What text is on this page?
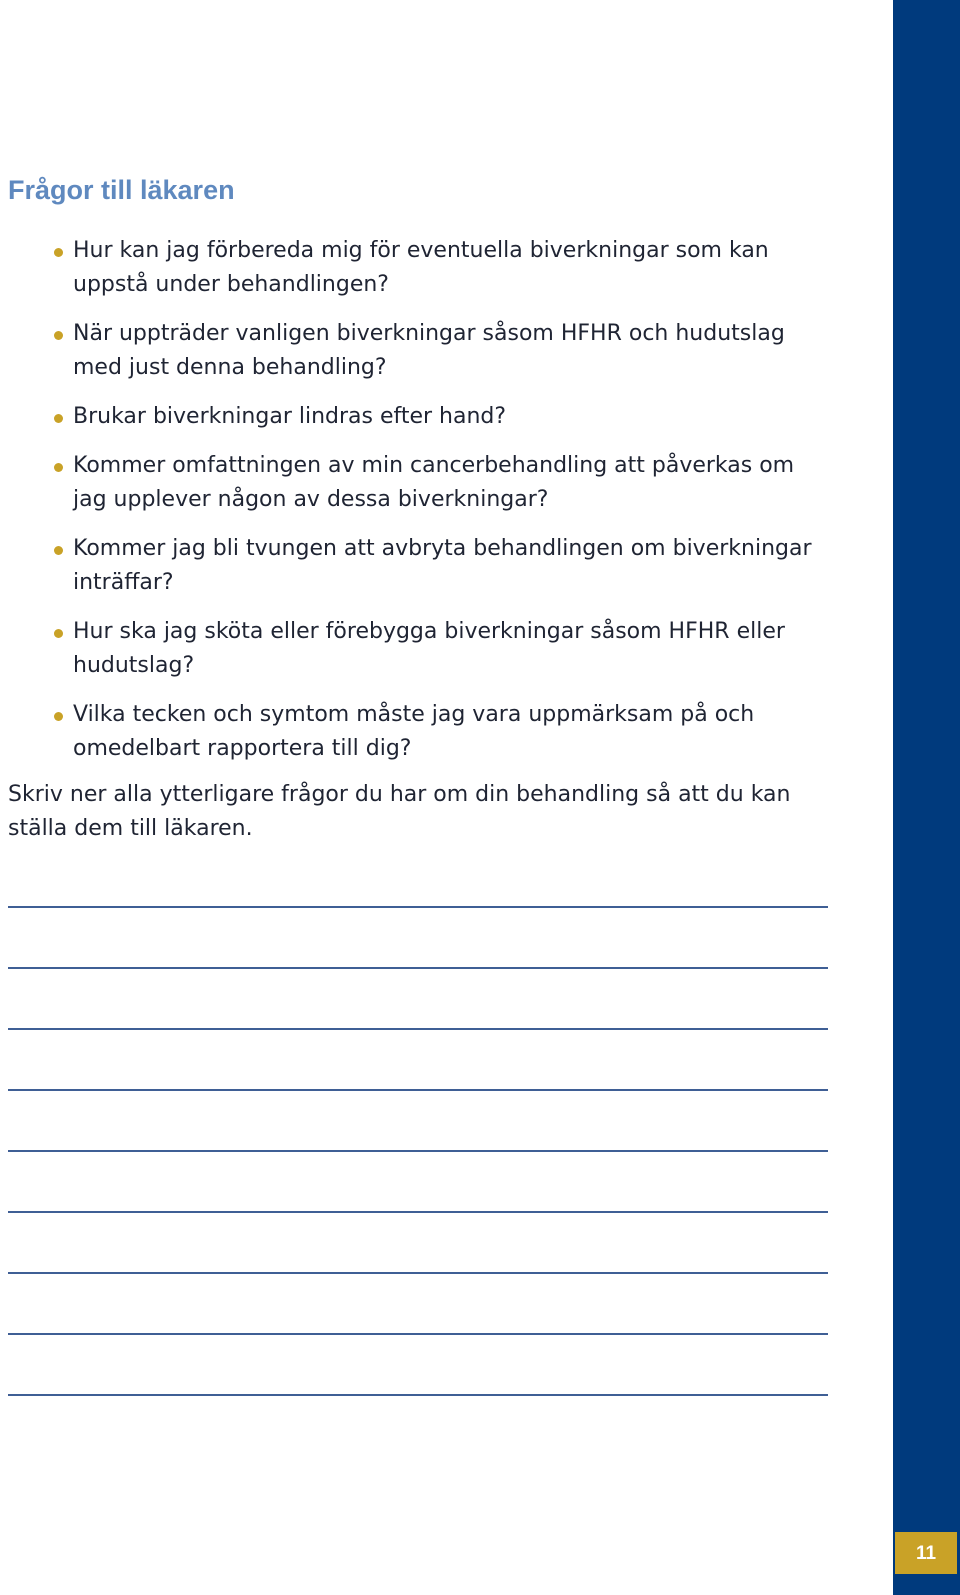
11
Frågor till läkaren
Hur kan jag förbereda mig för eventuella biverkningar som kan uppstå under behandlingen?
När uppträder vanligen biverkningar såsom HFHR och hudutslag med just denna behandling?
Brukar biverkningar lindras efter hand?
Kommer omfattningen av min cancerbehandling att påverkas om jag upplever någon av dessa biverkningar?
Kommer jag bli tvungen att avbryta behandlingen om biverkningar inträffar?
Hur ska jag sköta eller förebygga biverkningar såsom HFHR eller hudutslag?
Vilka tecken och symtom måste jag vara uppmärksam på och omedelbart rapportera till dig?

Skriv ner alla ytterligare frågor du har om din behandling så att du kan ställa dem till läkaren.
